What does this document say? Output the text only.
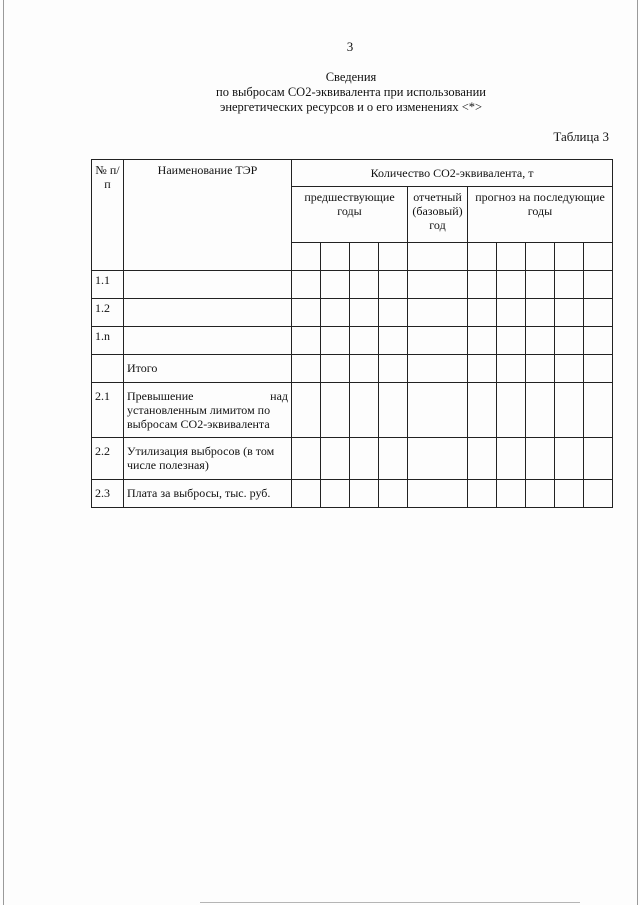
3
Сведения
по выбросам CO2-эквивалента при использовании
энергетических ресурсов и о его изменениях <*>
Таблица 3
№ п/п	Наименование ТЭР	Количество CO2-эквивалента, т									
		предшествующие годы				отчетный (базовый) год	прогноз на последующие годы				

1.1											
1.2											
1.n											
	Итого										
2.1	Превышение над
установленным лимитом по выбросам CO2-эквивалента										

2.2	Утилизация выбросов (в том числе полезная)										
2.3	Плата за выбросы, тыс. руб.										
